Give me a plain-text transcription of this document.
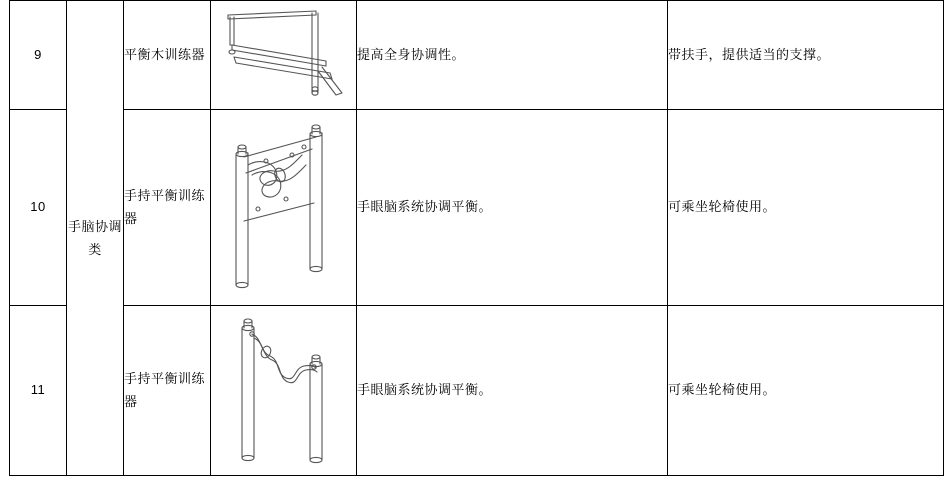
9	手脑协调类	平衡木训练器		提高全身协调性。	带扶手，提供适当的支撑。

10		手持平衡训练器		手眼脑系统协调平衡。	可乘坐轮椅使用。

11		手持平衡训练器		手眼脑系统协调平衡。	可乘坐轮椅使用。
